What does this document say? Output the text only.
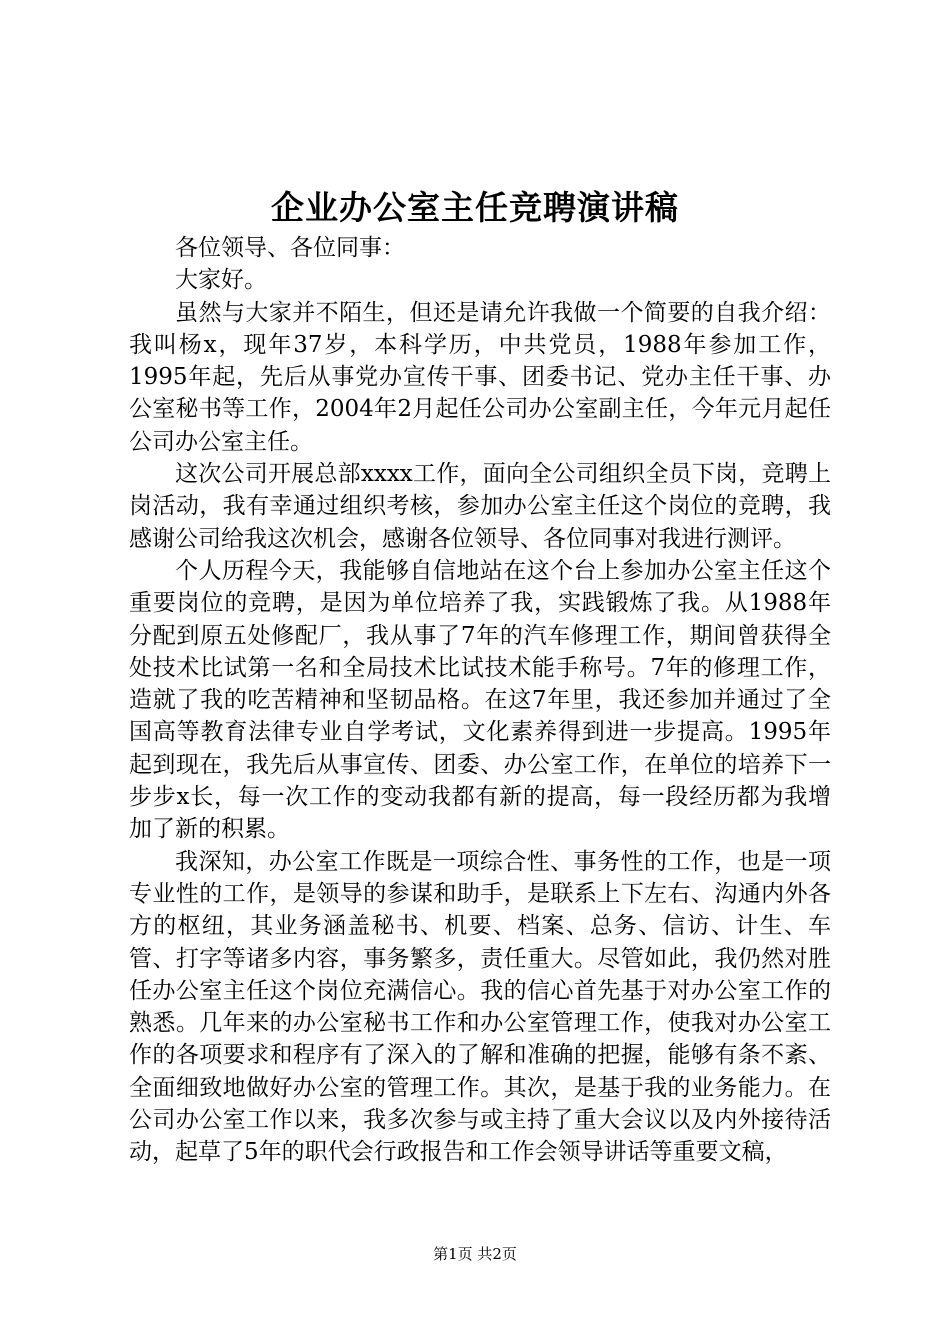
企业办公室主任竞聘演讲稿

各位领导、各位同事：

大家好。

虽然与大家并不陌生，但还是请允许我做一个简要的自我介绍：我叫杨x，现年37岁，本科学历，中共党员，1988年参加工作，1995年起，先后从事党办宣传干事、团委书记、党办主任干事、办公室秘书等工作，2004年2月起任公司办公室副主任，今年元月起任公司办公室主任。

这次公司开展总部xxxx工作，面向全公司组织全员下岗，竞聘上岗活动，我有幸通过组织考核，参加办公室主任这个岗位的竞聘，我感谢公司给我这次机会，感谢各位领导、各位同事对我进行测评。

个人历程今天，我能够自信地站在这个台上参加办公室主任这个重要岗位的竞聘，是因为单位培养了我，实践锻炼了我。从1988年分配到原五处修配厂，我从事了7年的汽车修理工作，期间曾获得全处技术比试第一名和全局技术比试技术能手称号。7年的修理工作，造就了我的吃苦精神和坚韧品格。在这7年里，我还参加并通过了全国高等教育法律专业自学考试，文化素养得到进一步提高。1995年起到现在，我先后从事宣传、团委、办公室工作，在单位的培养下一步步x长，每一次工作的变动我都有新的提高，每一段经历都为我增加了新的积累。

我深知，办公室工作既是一项综合性、事务性的工作，也是一项专业性的工作，是领导的参谋和助手，是联系上下左右、沟通内外各方的枢纽，其业务涵盖秘书、机要、档案、总务、信访、计生、车管、打字等诸多内容，事务繁多，责任重大。尽管如此，我仍然对胜任办公室主任这个岗位充满信心。我的信心首先基于对办公室工作的熟悉。几年来的办公室秘书工作和办公室管理工作，使我对办公室工作的各项要求和程序有了深入的了解和准确的把握，能够有条不紊、全面细致地做好办公室的管理工作。其次，是基于我的业务能力。在公司办公室工作以来，我多次参与或主持了重大会议以及内外接待活动，起草了5年的职代会行政报告和工作会领导讲话等重要文稿，

第1页 共2页
